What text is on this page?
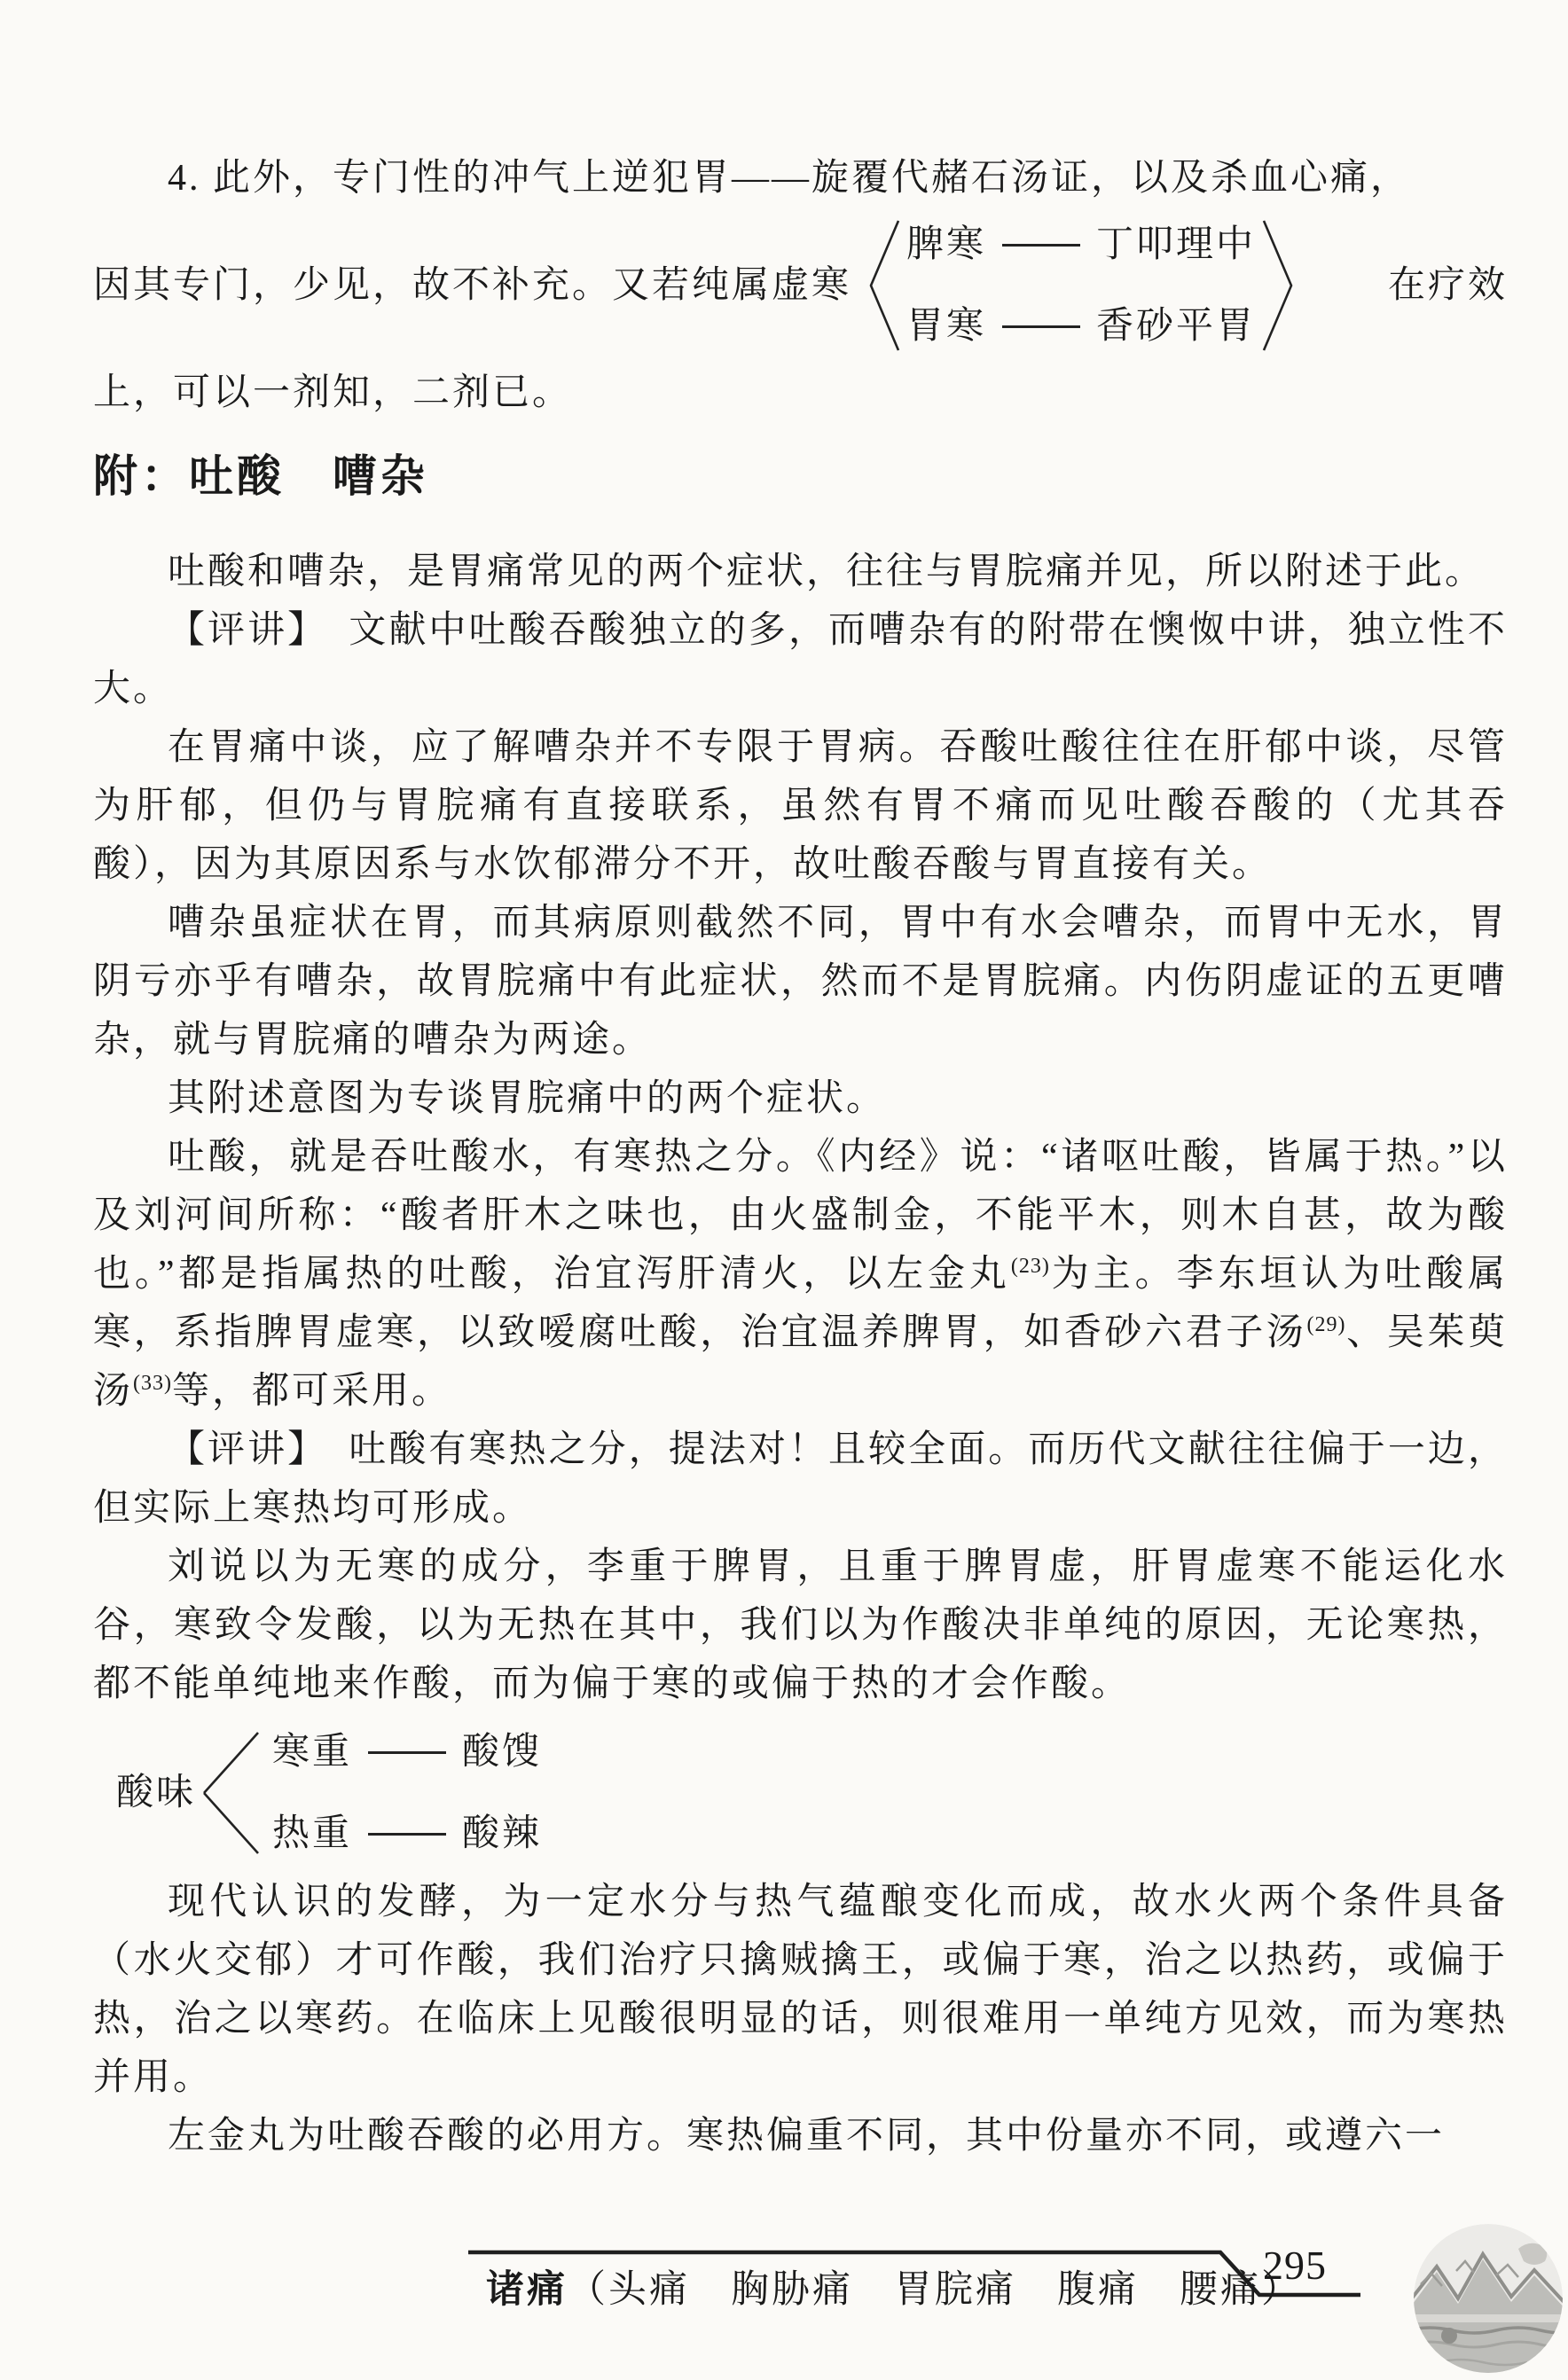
4. 此外，专门性的冲气上逆犯胃——旋覆代赭石汤证，以及杀血心痛，

因其专门，少见，故不补充。又若纯属虚寒
脾寒	丁叩理中
胃寒	香砂平胃
在疗效

上，可以一剂知，二剂已。

附：吐酸　嘈杂

吐酸和嘈杂，是胃痛常见的两个症状，往往与胃脘痛并见，所以附述于此。

【评讲】　文献中吐酸吞酸独立的多，而嘈杂有的附带在懊怓中讲，独立性不大。

在胃痛中谈，应了解嘈杂并不专限于胃病。吞酸吐酸往往在肝郁中谈，尽管为肝郁，但仍与胃脘痛有直接联系，虽然有胃不痛而见吐酸吞酸的（尤其吞酸），因为其原因系与水饮郁滞分不开，故吐酸吞酸与胃直接有关。

嘈杂虽症状在胃，而其病原则截然不同，胃中有水会嘈杂，而胃中无水，胃阴亏亦乎有嘈杂，故胃脘痛中有此症状，然而不是胃脘痛。内伤阴虚证的五更嘈杂，就与胃脘痛的嘈杂为两途。

其附述意图为专谈胃脘痛中的两个症状。

吐酸，就是吞吐酸水，有寒热之分。《内经》说：“诸呕吐酸，皆属于热。”以及刘河间所称：“酸者肝木之味也，由火盛制金，不能平木，则木自甚，故为酸也。”都是指属热的吐酸，治宜泻肝清火，以左金丸$^{(23)}$为主。李东垣认为吐酸属寒，系指脾胃虚寒，以致嗳腐吐酸，治宜温养脾胃，如香砂六君子汤$^{(29)}$、吴茱萸汤$^{(33)}$等，都可采用。

【评讲】　吐酸有寒热之分，提法对！且较全面。而历代文献往往偏于一边，但实际上寒热均可形成。

刘说以为无寒的成分，李重于脾胃，且重于脾胃虚，肝胃虚寒不能运化水谷，寒致令发酸，以为无热在其中，我们以为作酸决非单纯的原因，无论寒热，都不能单纯地来作酸，而为偏于寒的或偏于热的才会作酸。

酸味
寒重	酸馊
热重	酸辣

现代认识的发酵，为一定水分与热气蕴酿变化而成，故水火两个条件具备（水火交郁）才可作酸，我们治疗只擒贼擒王，或偏于寒，治之以热药，或偏于热，治之以寒药。在临床上见酸很明显的话，则很难用一单纯方见效，而为寒热并用。

左金丸为吐酸吞酸的必用方。寒热偏重不同，其中份量亦不同，或遵六一

诸痛（头痛　胸胁痛　胃脘痛　腹痛　腰痛）
295
